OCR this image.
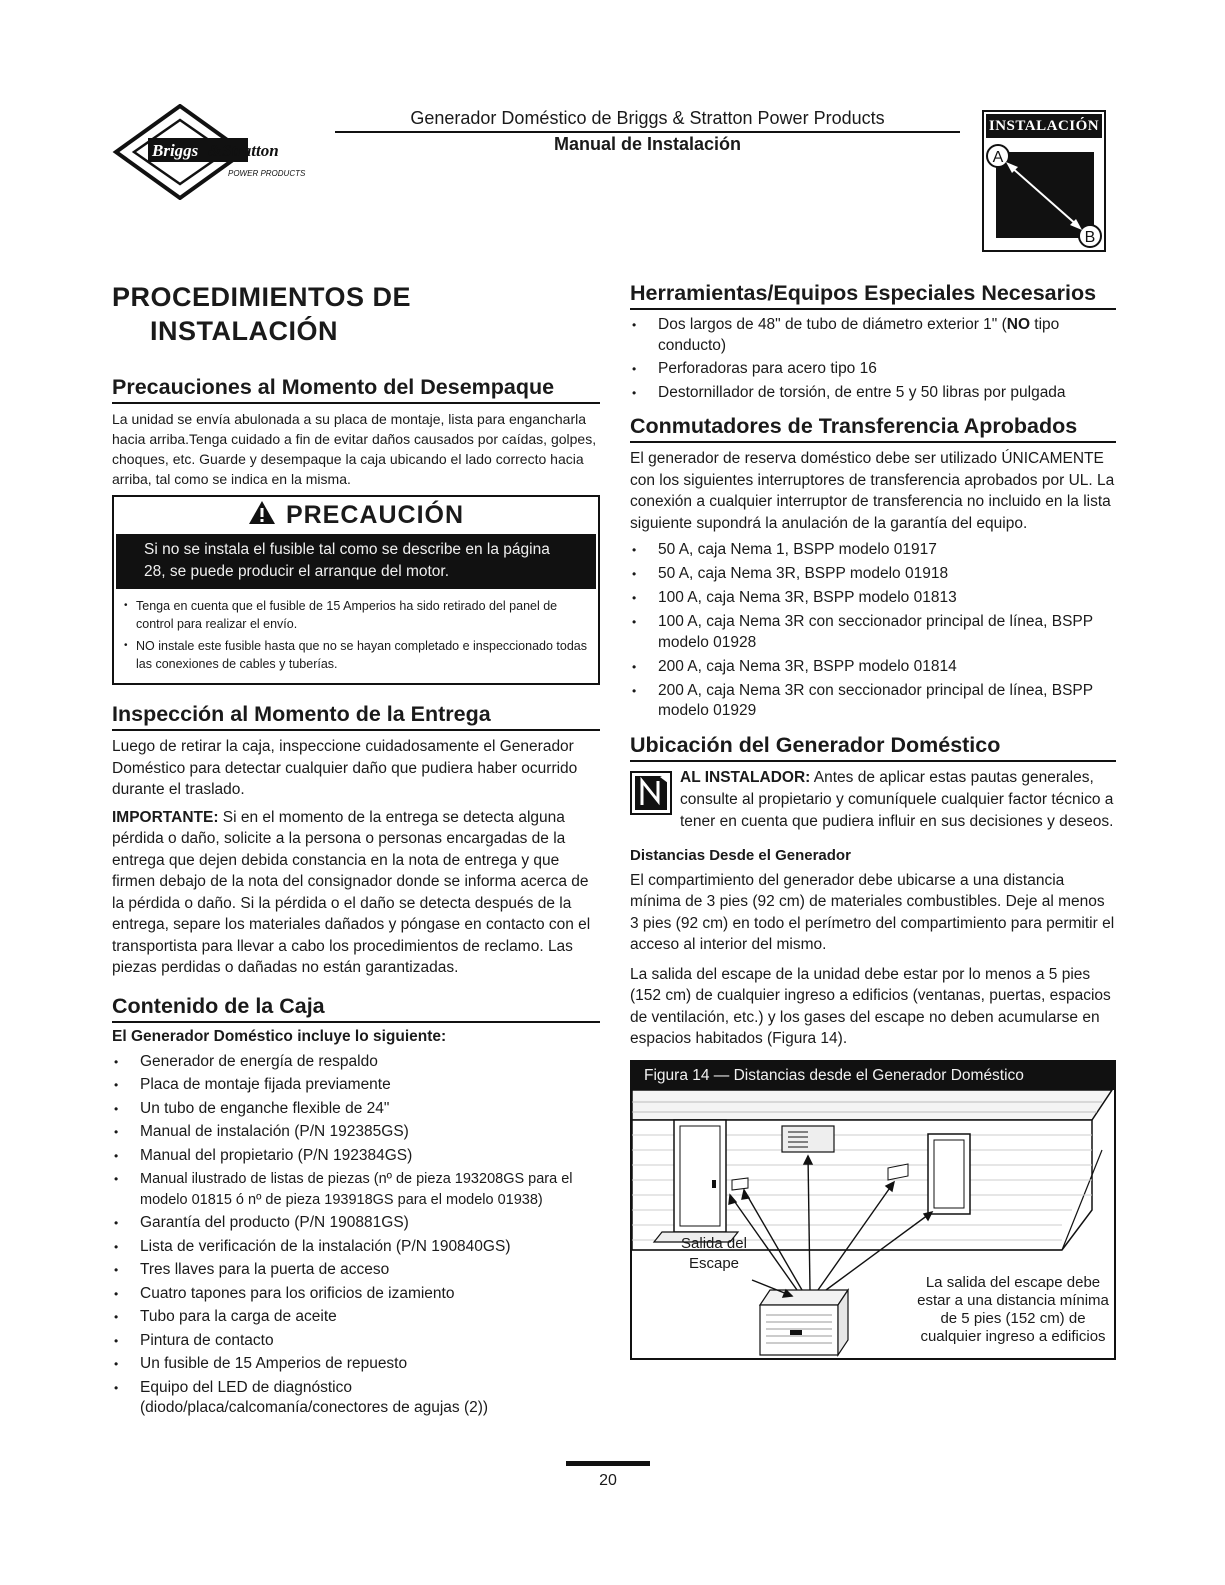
Briggs & Stratton
POWER PRODUCTS
Generador Doméstico de Briggs & Stratton Power Products
Manual de Instalación
INSTALACIÓN
A
B
PROCEDIMIENTOS DE
INSTALACIÓN
Precauciones al Momento del Desempaque

La unidad se envía abulonada a su placa de montaje, lista para engancharla hacia arriba.Tenga cuidado a fin de evitar daños causados por caídas, golpes, choques, etc. Guarde y desempaque la caja ubicando el lado correcto hacia arriba, tal como se indica en la misma.

PRECAUCIÓN
Si no se instala el fusible tal como se describe en la página 28, se puede producir el arranque del motor.
• Tenga en cuenta que el fusible de 15 Amperios ha sido retirado del panel de control para realizar el envío.
• NO instale este fusible hasta que no se hayan completado e inspeccionado todas las conexiones de cables y tuberías.
Inspección al Momento de la Entrega

Luego de retirar la caja, inspeccione cuidadosamente el Generador Doméstico para detectar cualquier daño que pudiera haber ocurrido durante el traslado.

IMPORTANTE: Si en el momento de la entrega se detecta alguna pérdida o daño, solicite a la persona o personas encargadas de la entrega que dejen debida constancia en la nota de entrega y que firmen debajo de la nota del consignador donde se informa acerca de la pérdida o daño. Si la pérdida o el daño se detecta después de la entrega, separe los materiales dañados y póngase en contacto con el transportista para llevar a cabo los procedimientos de reclamo. Las piezas perdidas o dañadas no están garantizadas.

Contenido de la Caja
El Generador Doméstico incluye lo siguiente:
• Generador de energía de respaldo
• Placa de montaje fijada previamente
• Un tubo de enganche flexible de 24"
• Manual de instalación (P/N 192385GS)
• Manual del propietario (P/N 192384GS)
• Manual ilustrado de listas de piezas (nº de pieza 193208GS para el modelo 01815 ó nº de pieza 193918GS para el modelo 01938)
• Garantía del producto (P/N 190881GS)
• Lista de verificación de la instalación (P/N 190840GS)
• Tres llaves para la puerta de acceso
• Cuatro tapones para los orificios de izamiento
• Tubo para la carga de aceite
• Pintura de contacto
• Un fusible de 15 Amperios de repuesto
• Equipo del LED de diagnóstico (diodo/placa/calcomanía/conectores de agujas (2))
Herramientas/Equipos Especiales Necesarios
• Dos largos de 48" de tubo de diámetro exterior 1" (NO tipo conducto)
• Perforadoras para acero tipo 16
• Destornillador de torsión, de entre 5 y 50 libras por pulgada
Conmutadores de Transferencia Aprobados

El generador de reserva doméstico debe ser utilizado ÚNICAMENTE con los siguientes interruptores de transferencia aprobados por UL. La conexión a cualquier interruptor de transferencia no incluido en la lista siguiente supondrá la anulación de la garantía del equipo.

• 50 A, caja Nema 1, BSPP modelo 01917
• 50 A, caja Nema 3R, BSPP modelo 01918
• 100 A, caja Nema 3R, BSPP modelo 01813
• 100 A, caja Nema 3R con seccionador principal de línea, BSPP modelo 01928
• 200 A, caja Nema 3R, BSPP modelo 01814
• 200 A, caja Nema 3R con seccionador principal de línea, BSPP modelo 01929
Ubicación del Generador Doméstico

AL INSTALADOR: Antes de aplicar estas pautas generales, consulte al propietario y comuníquele cualquier factor técnico a tener en cuenta que pudiera influir en sus decisiones y deseos.

Distancias Desde el Generador

El compartimiento del generador debe ubicarse a una distancia mínima de 3 pies (92 cm) de materiales combustibles. Deje al menos 3 pies (92 cm) en todo el perímetro del compartimiento para permitir el acceso al interior del mismo.

La salida del escape de la unidad debe estar por lo menos a 5 pies (152 cm) de cualquier ingreso a edificios (ventanas, puertas, espacios de ventilación, etc.) y los gases del escape no deben acumularse en espacios habitados (Figura 14).

Figura 14 — Distancias desde el Generador Doméstico
Salida del
Escape
La salida del escape debe estar a una distancia mínima de 5 pies (152 cm) de cualquier ingreso a edificios
20
